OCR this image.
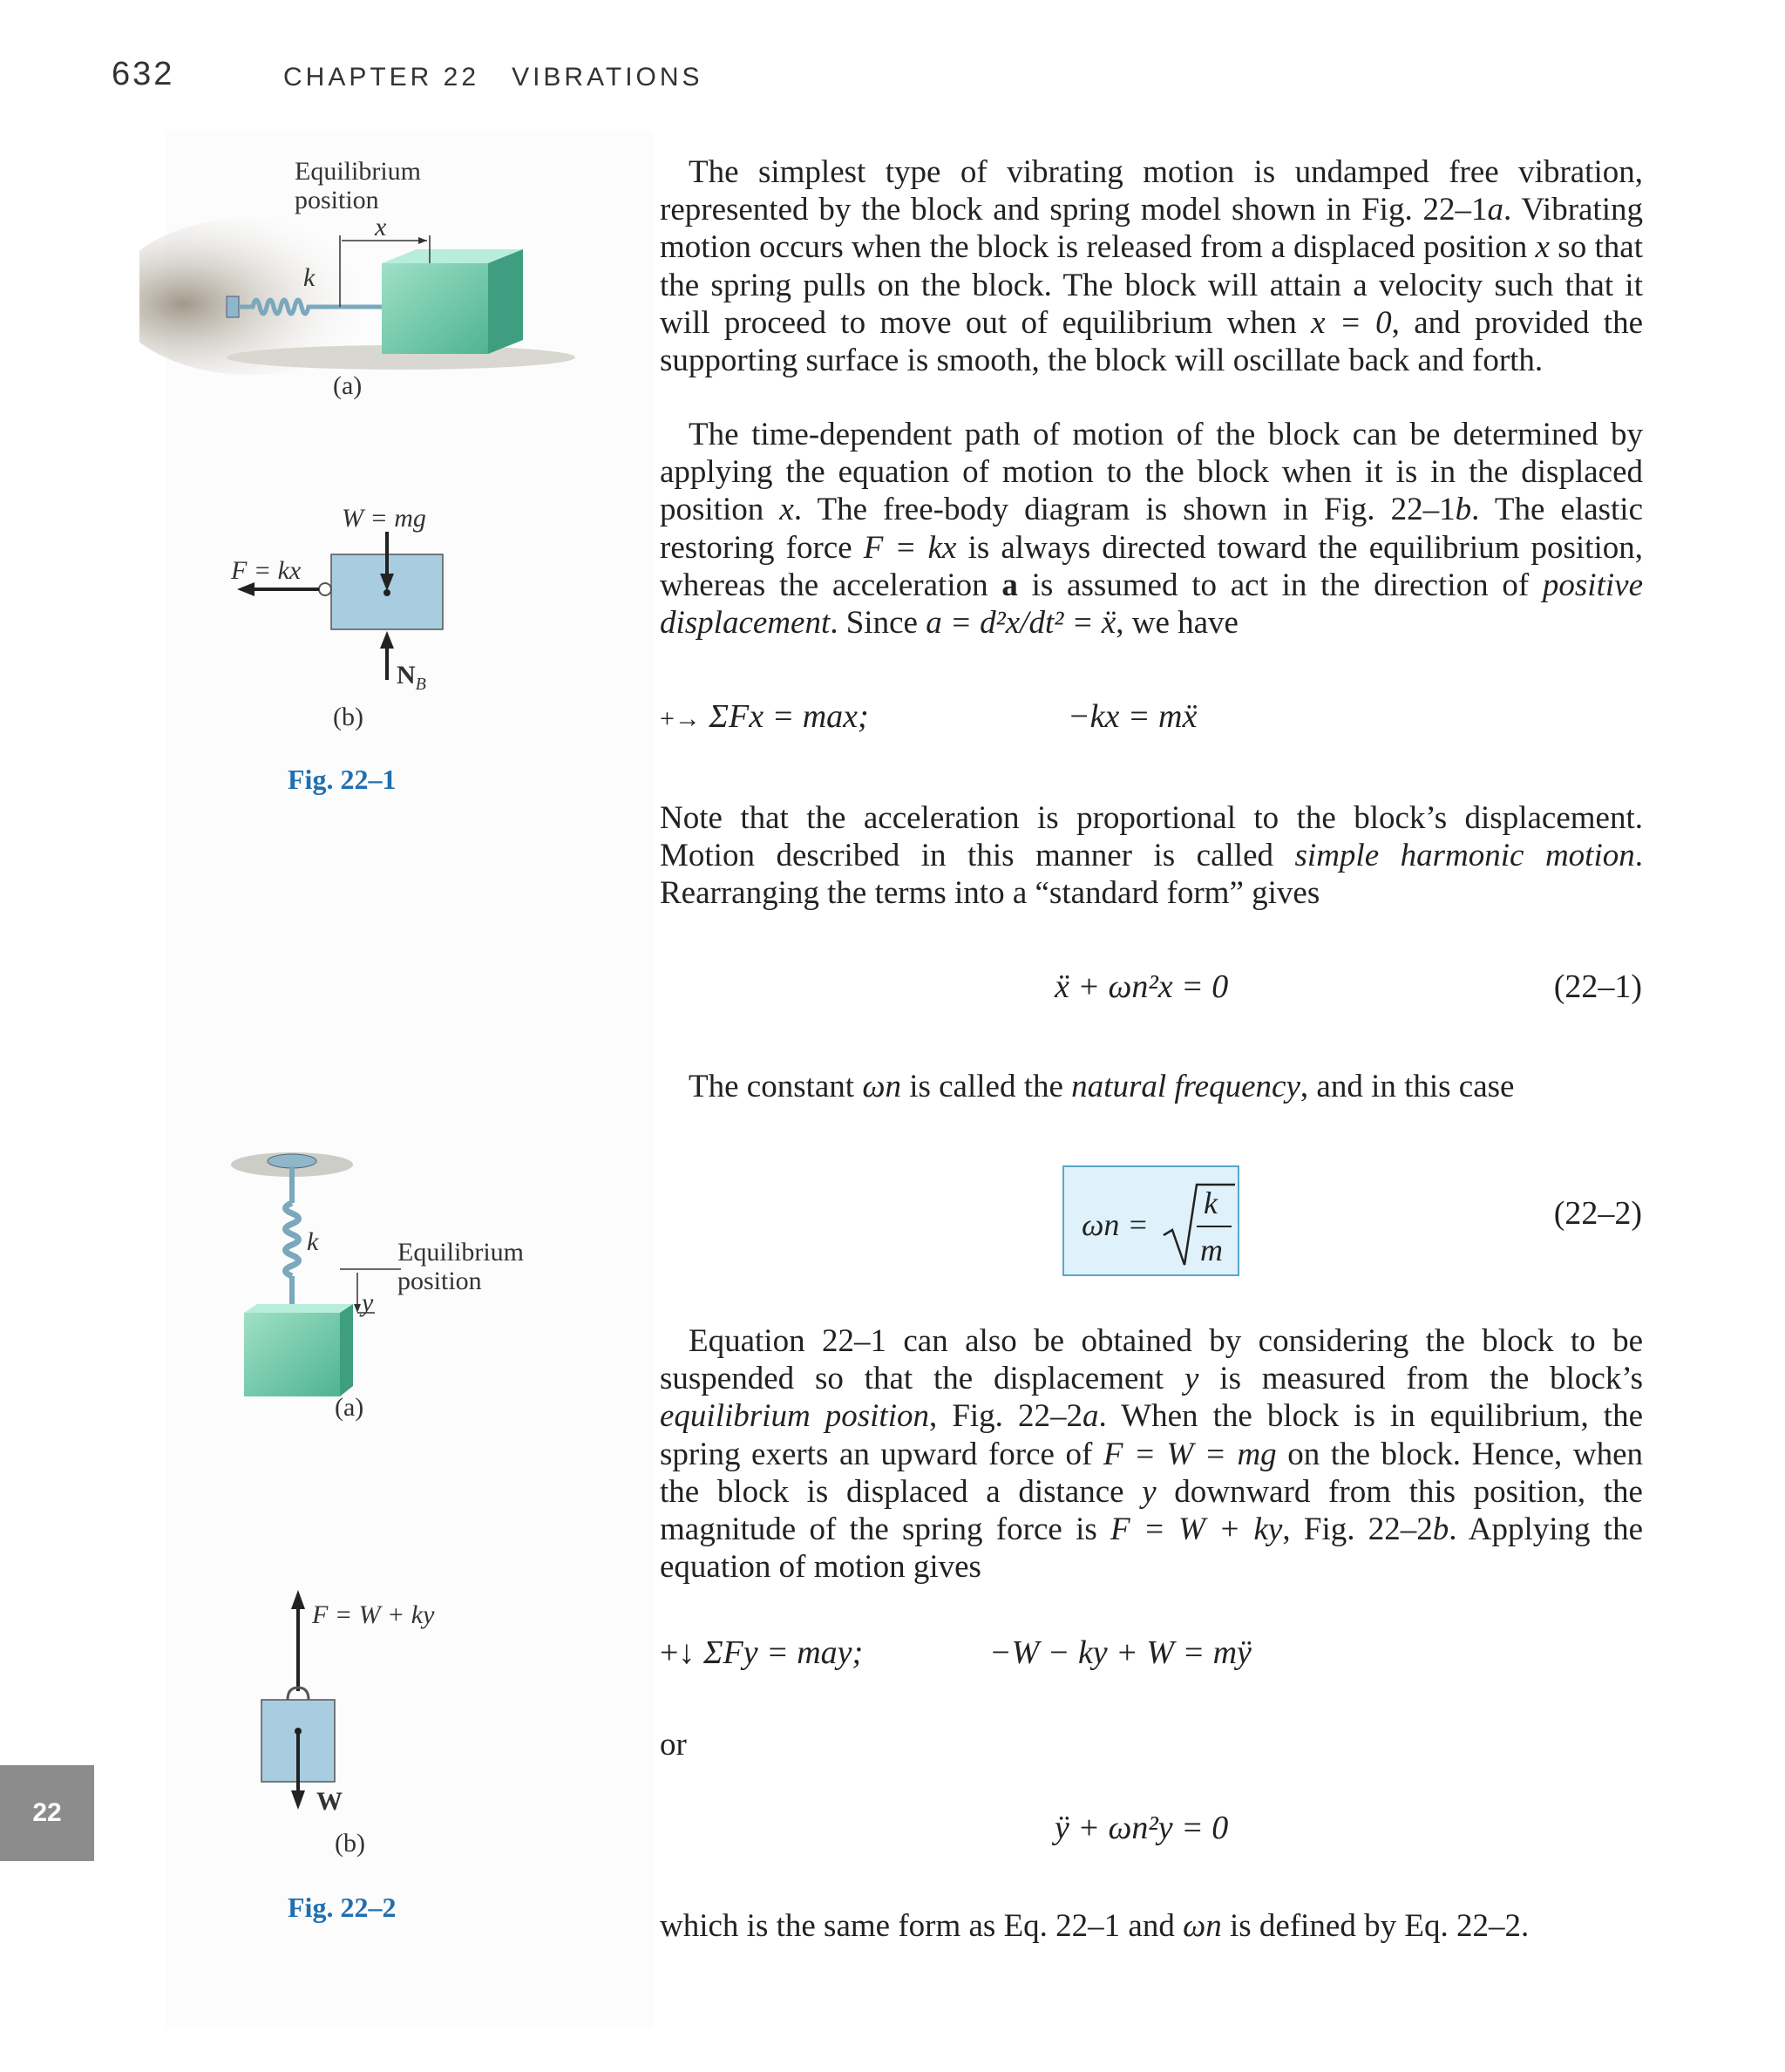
632	CHAPTER 22 VIBRATIONS
22
Equilibrium
position
x
k
(a)
W = mg
F = kx
$N_B$
(b)
Fig. 22–1
k	Equilibrium
position
y
(a)
F = W + ky
W
(b)
Fig. 22–2

The simplest type of vibrating motion is undamped free vibration, represented by the block and spring model shown in Fig. 22–1a. Vibrating motion occurs when the block is released from a displaced position x so that the spring pulls on the block. The block will attain a velocity such that it will proceed to move out of equilibrium when x = 0, and provided the supporting surface is smooth, the block will oscillate back and forth.

The time-dependent path of motion of the block can be determined by applying the equation of motion to the block when it is in the displaced position x. The free-body diagram is shown in Fig. 22–1b. The elastic restoring force F = kx is always directed toward the equilibrium position, whereas the acceleration a is assumed to act in the direction of positive displacement. Since a = d²x/dt² = ẍ, we have

+→ ΣFx = max;	−kx = mẍ

Note that the acceleration is proportional to the block’s displacement. Motion described in this manner is called simple harmonic motion. Rearranging the terms into a “standard form” gives

ẍ + ωn²x = 0	(22–1)

The constant ωn is called the natural frequency, and in this case

ωn =
k
m
(22–2)

Equation 22–1 can also be obtained by considering the block to be suspended so that the displacement y is measured from the block’s equilibrium position, Fig. 22–2a. When the block is in equilibrium, the spring exerts an upward force of F = W = mg on the block. Hence, when the block is displaced a distance y downward from this position, the magnitude of the spring force is F = W + ky, Fig. 22–2b. Applying the equation of motion gives

+↓ ΣFy = may;	−W − ky + W = mÿ
or
ÿ + ωn²y = 0

which is the same form as Eq. 22–1 and ωn is defined by Eq. 22–2.
